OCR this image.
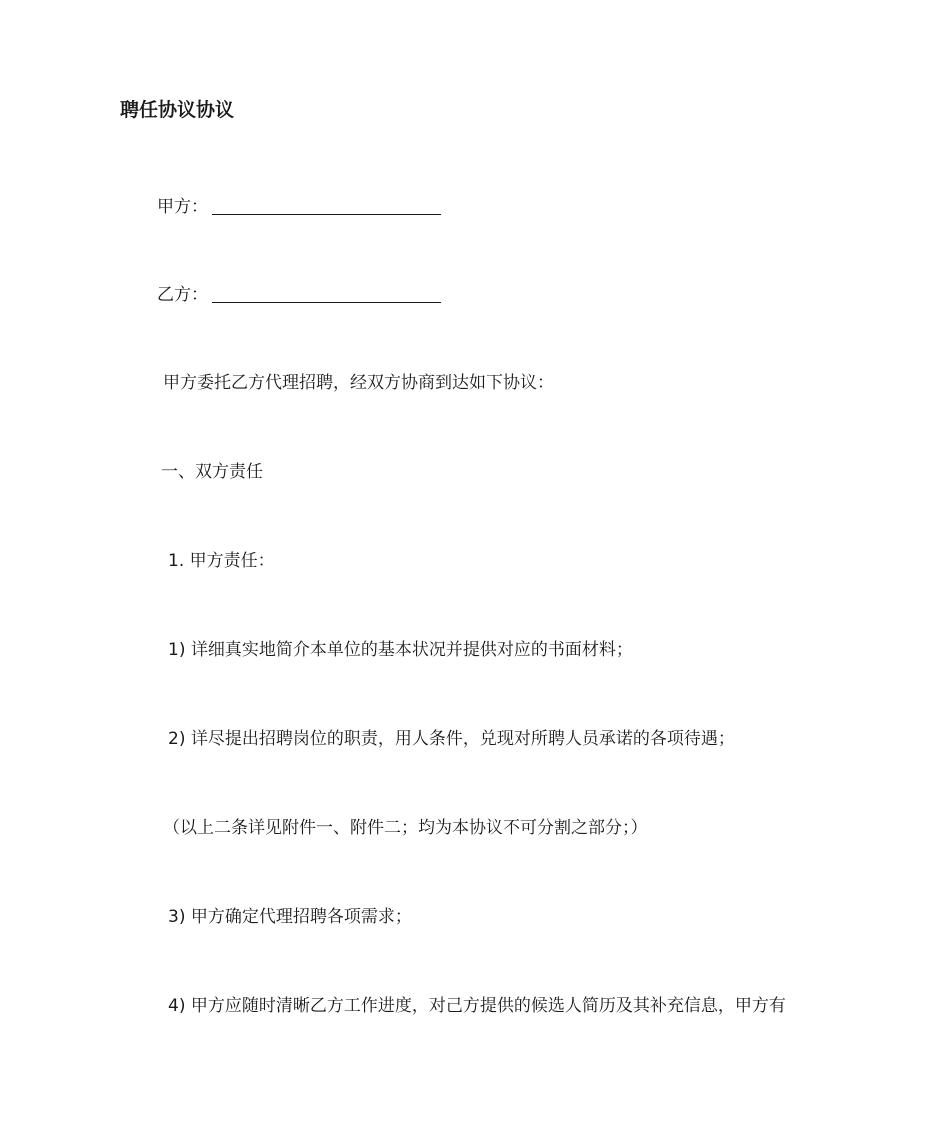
聘任协议协议
甲方：
乙方：
甲方委托乙方代理招聘，经双方协商到达如下协议：
一、双方责任
1. 甲方责任：
1) 详细真实地简介本单位的基本状况并提供对应的书面材料；
2) 详尽提出招聘岗位的职责，用人条件，兑现对所聘人员承诺的各项待遇；
（以上二条详见附件一、附件二；均为本协议不可分割之部分；）
3) 甲方确定代理招聘各项需求；
4) 甲方应随时清晰乙方工作进度，对己方提供的候选人简历及其补充信息，甲方有
